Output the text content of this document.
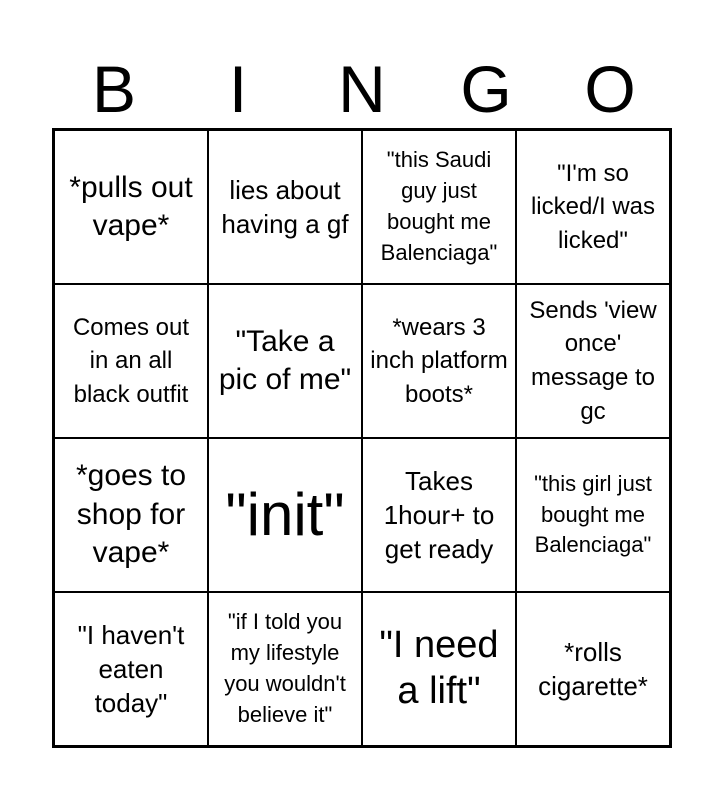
B	I	N	G	O
*pulls out vape*
lies about having a gf
"this Saudi guy just bought me Balenciaga"
"I'm so licked/I was licked"
Comes out in an all black outfit
"Take a pic of me"
*wears 3 inch platform boots*
Sends 'view once' message to gc
*goes to shop for vape*
"init"
Takes 1hour+ to get ready
"this girl just bought me Balenciaga"
"I haven't eaten today"
"if I told you my lifestyle you wouldn't believe it"
"I need a lift"
*rolls cigarette*
